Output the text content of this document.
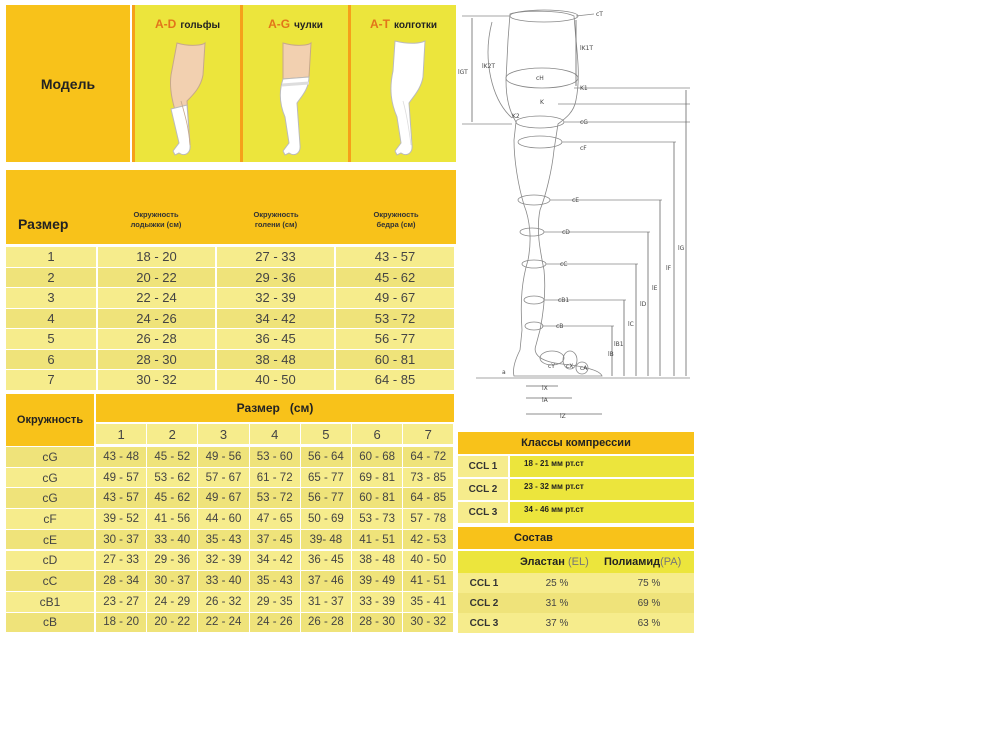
Модель
A-D гольфы	A-G чулки	A-T колготки
Размер
Окружность
лодыжки (см)
Окружность
голени (см)
Окружность
бедра (см)
1	18 - 20	27 - 33	43 - 57
2	20 - 22	29 - 36	45 - 62
3	22 - 24	32 - 39	49 - 67
4	24 - 26	34 - 42	53 - 72
5	26 - 28	36 - 45	56 - 77
6	28 - 30	38 - 48	60 - 81
7	30 - 32	40 - 50	64 - 85
Окружность
Размер   (см)
1	2	3	4	5	6	7
cG	43 - 48	45 - 52	49 - 56	53 - 60	56 - 64	60 - 68	64 - 72
cG	49 - 57	53 - 62	57 - 67	61 - 72	65 - 77	69 - 81	73 - 85
cG	43 - 57	45 - 62	49 - 67	53 - 72	56 - 77	60 - 81	64 - 85
cF	39 - 52	41 - 56	44 - 60	47 - 65	50 - 69	53 - 73	57 - 78
cE	30 - 37	33 - 40	35 - 43	37 - 45	39- 48	41 - 51	42 - 53
cD	27 - 33	29 - 36	32 - 39	34 - 42	36 - 45	38 - 48	40 - 50
cC	28 - 34	30 - 37	33 - 40	35 - 43	37 - 46	39 - 49	41 - 51
cB1	23 - 27	24 - 29	26 - 32	29 - 35	31 - 37	33 - 39	35 - 41
cB	18 - 20	20 - 22	22 - 24	24 - 26	26 - 28	28 - 30	30 - 32
cT
cH
K1
K
cG
cF
cE
cD
cC
cB1
cB
cY cX cA
lGT
lK2T
K2
lK1T
lG
lF
lE
lD
lC
lB1
lB
a
lX
lA
lZ
Классы компрессии
CCL 1	18 - 21 мм рт.ст
CCL 2	23 - 32 мм рт.ст
CCL 3	34 - 46 мм рт.ст
Состав
Эластан (EL) Полиамид(PA)
CCL 1	25 %	75 %
CCL 2	31 %	69 %
CCL 3	37 %	63 %
